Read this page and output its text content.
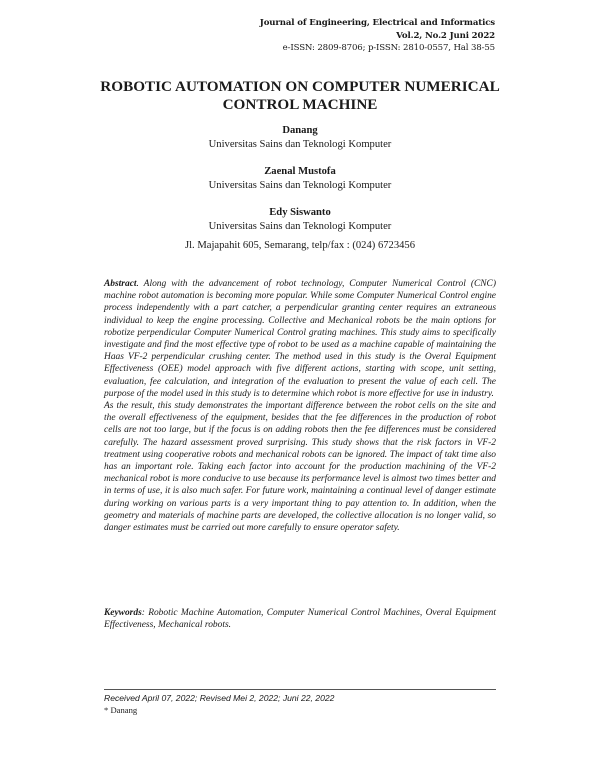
Journal of Engineering, Electrical and Informatics
Vol.2, No.2 Juni 2022
e-ISSN: 2809-8706; p-ISSN: 2810-0557, Hal 38-55
ROBOTIC AUTOMATION ON COMPUTER NUMERICAL
CONTROL MACHINE
Danang
Universitas Sains dan Teknologi Komputer
Zaenal Mustofa
Universitas Sains dan Teknologi Komputer
Edy Siswanto
Universitas Sains dan Teknologi Komputer
Jl. Majapahit 605, Semarang, telp/fax : (024) 6723456

Abstract. Along with the advancement of robot technology, Computer Numerical Control (CNC) machine robot automation is becoming more popular. While some Computer Numerical Control engine process independently with a part catcher, a perpendicular granting center requires an extraneous individual to keep the engine processing. Collective and Mechanical robots be the main options for robotize perpendicular Computer Numerical Control grating machines. This study aims to specifically investigate and find the most effective type of robot to be used as a machine capable of maintaining the Haas VF-2 perpendicular crushing center. The method used in this study is the Overal Equipment Effectiveness (OEE) model approach with five different actions, starting with scope, unit setting, evaluation, fee calculation, and integration of the evaluation to present the value of each cell. The purpose of the model used in this study is to determine which robot is more effective for use in industry.

As the result, this study demonstrates the important difference between the robot cells on the site and the overall effectiveness of the equipment, besides that the fee differences in the production of robot cells are not too large, but if the focus is on adding robots then the fee differences must be considered carefully. The hazard assessment proved surprising. This study shows that the risk factors in VF-2 treatment using cooperative robots and mechanical robots can be ignored. The impact of takt time also has an important role. Taking each factor into account for the production machining of the VF-2 mechanical robot is more conducive to use because its performance level is almost two times better and in terms of use, it is also much safer. For future work, maintaining a continual level of danger estimate during working on various parts is a very important thing to pay attention to. In addition, when the geometry and materials of machine parts are developed, the collective allocation is no longer valid, so danger estimates must be carried out more carefully to ensure operator safety.

Keywords: Robotic Machine Automation, Computer Numerical Control Machines, Overal Equipment Effectiveness, Mechanical robots.

Received April 07, 2022; Revised Mei 2, 2022; Juni 22, 2022
* Danang
